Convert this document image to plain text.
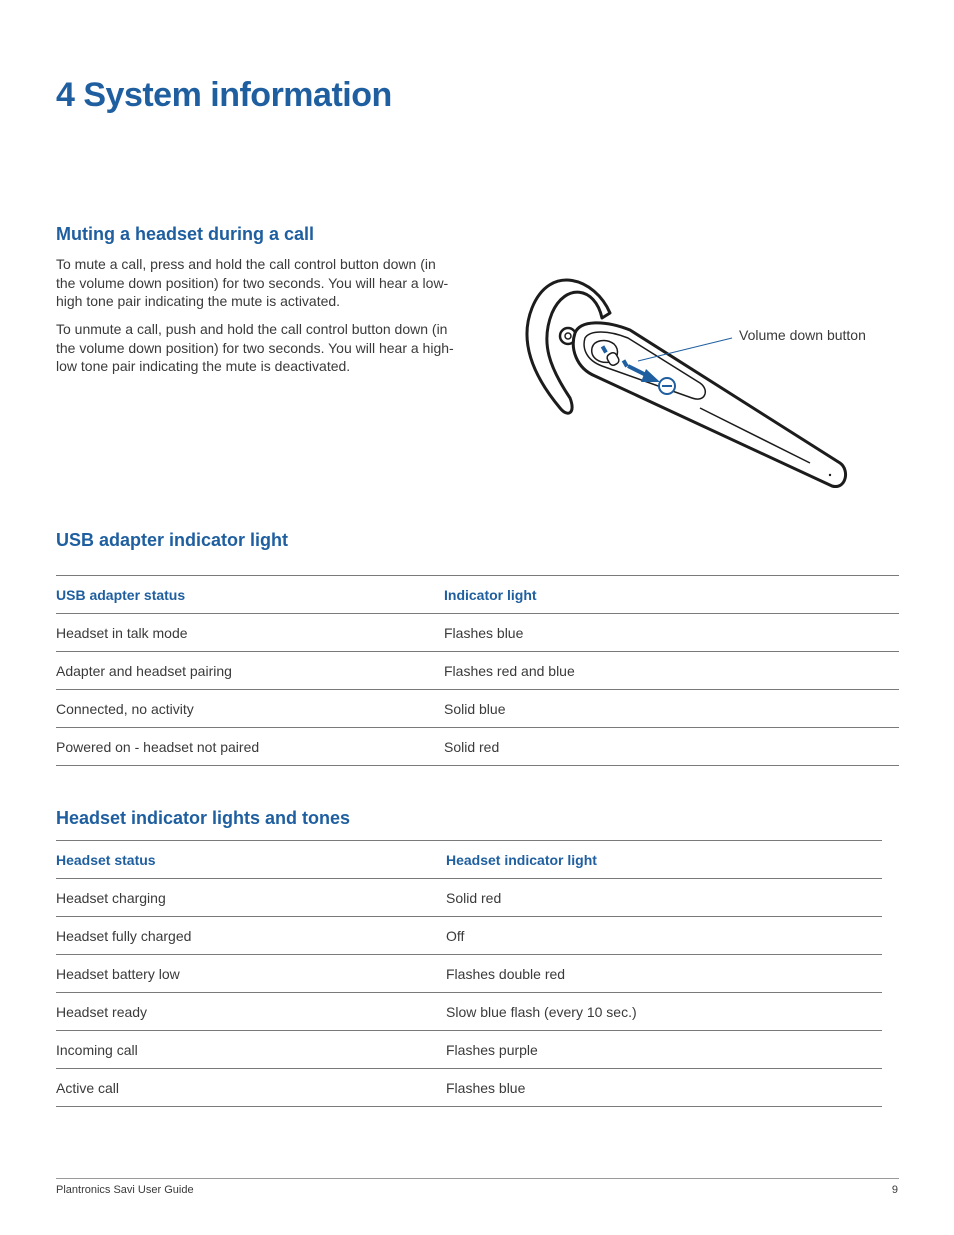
4 System information
Muting a headset during a call

To mute a call, press and hold the call control button down (in the volume down position) for two seconds. You will hear a low-high tone pair indicating the mute is activated.

To unmute a call, push and hold the call control button down (in the volume down position) for two seconds. You will hear a high-low tone pair indicating the mute is deactivated.

Volume down button
USB adapter indicator light
USB adapter status	Indicator light
Headset in talk mode	Flashes blue
Adapter and headset pairing	Flashes red and blue
Connected, no activity	Solid blue
Powered on - headset not paired	Solid red
Headset indicator lights and tones
Headset status	Headset indicator light
Headset charging	Solid red
Headset fully charged	Off
Headset battery low	Flashes double red
Headset ready	Slow blue flash (every 10 sec.)
Incoming call	Flashes purple
Active call	Flashes blue
Plantronics Savi User Guide	9
